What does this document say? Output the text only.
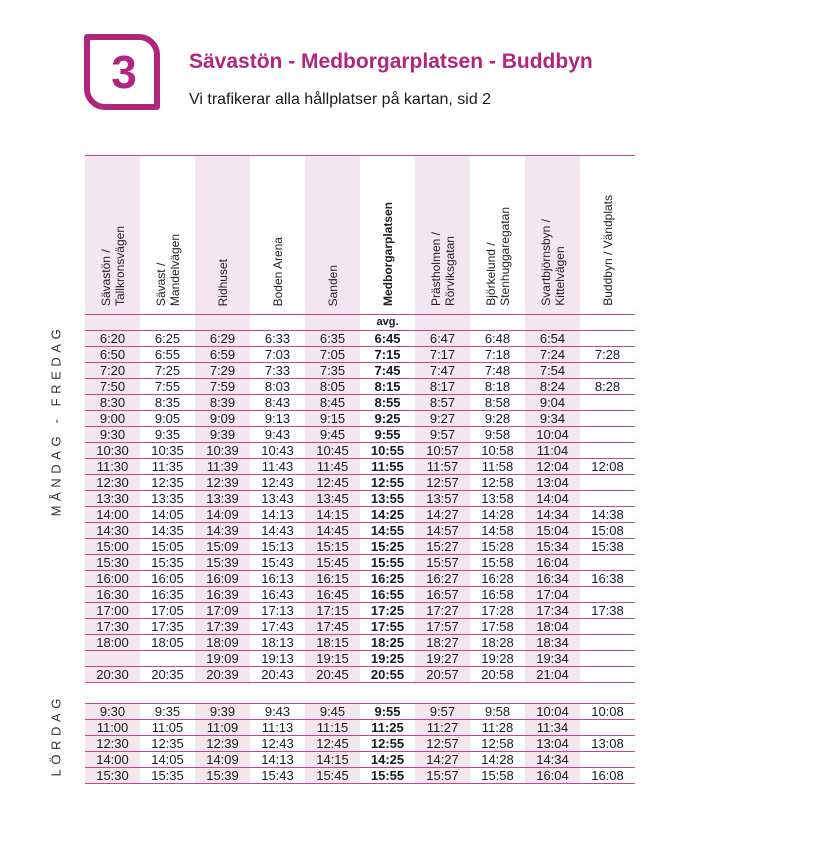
3	Sävastön - Medborgarplatsen - Buddbyn
Vi trafikerar alla hållplatser på kartan, sid 2
MÅNDAG - FREDAG
LÖRDAG
Sävastön /
Tallkronsvägen	Sävast /
Mandelvägen	Ridhuset	Boden Arena	Sanden	Medborgarplatsen	Prästholmen /
Rörviksgatan	Björkelund /
Stenhuggaregatan	Svartbjörnsbyn /
Kittelvägen	Buddbyn / Vändplats

					avg.				
6:20	6:25	6:29	6:33	6:35	6:45	6:47	6:48	6:54	
6:50	6:55	6:59	7:03	7:05	7:15	7:17	7:18	7:24	7:28
7:20	7:25	7:29	7:33	7:35	7:45	7:47	7:48	7:54	
7:50	7:55	7:59	8:03	8:05	8:15	8:17	8:18	8:24	8:28
8:30	8:35	8:39	8:43	8:45	8:55	8:57	8:58	9:04	
9:00	9:05	9:09	9:13	9:15	9:25	9:27	9:28	9:34	
9:30	9:35	9:39	9:43	9:45	9:55	9:57	9:58	10:04	
10:30	10:35	10:39	10:43	10:45	10:55	10:57	10:58	11:04	
11:30	11:35	11:39	11:43	11:45	11:55	11:57	11:58	12:04	12:08
12:30	12:35	12:39	12:43	12:45	12:55	12:57	12:58	13:04	
13:30	13:35	13:39	13:43	13:45	13:55	13:57	13:58	14:04	
14:00	14:05	14:09	14:13	14:15	14:25	14:27	14:28	14:34	14:38
14:30	14:35	14:39	14:43	14:45	14:55	14:57	14:58	15:04	15:08
15:00	15:05	15:09	15:13	15:15	15:25	15:27	15:28	15:34	15:38
15:30	15:35	15:39	15:43	15:45	15:55	15:57	15:58	16:04	
16:00	16:05	16:09	16:13	16:15	16:25	16:27	16:28	16:34	16:38
16:30	16:35	16:39	16:43	16:45	16:55	16:57	16:58	17:04	
17:00	17:05	17:09	17:13	17:15	17:25	17:27	17:28	17:34	17:38
17:30	17:35	17:39	17:43	17:45	17:55	17:57	17:58	18:04	
18:00	18:05	18:09	18:13	18:15	18:25	18:27	18:28	18:34	
		19:09	19:13	19:15	19:25	19:27	19:28	19:34	
20:30	20:35	20:39	20:43	20:45	20:55	20:57	20:58	21:04	

9:30	9:35	9:39	9:43	9:45	9:55	9:57	9:58	10:04	10:08
11:00	11:05	11:09	11:13	11:15	11:25	11:27	11:28	11:34	
12:30	12:35	12:39	12:43	12:45	12:55	12:57	12:58	13:04	13:08
14:00	14:05	14:09	14:13	14:15	14:25	14:27	14:28	14:34	
15:30	15:35	15:39	15:43	15:45	15:55	15:57	15:58	16:04	16:08
